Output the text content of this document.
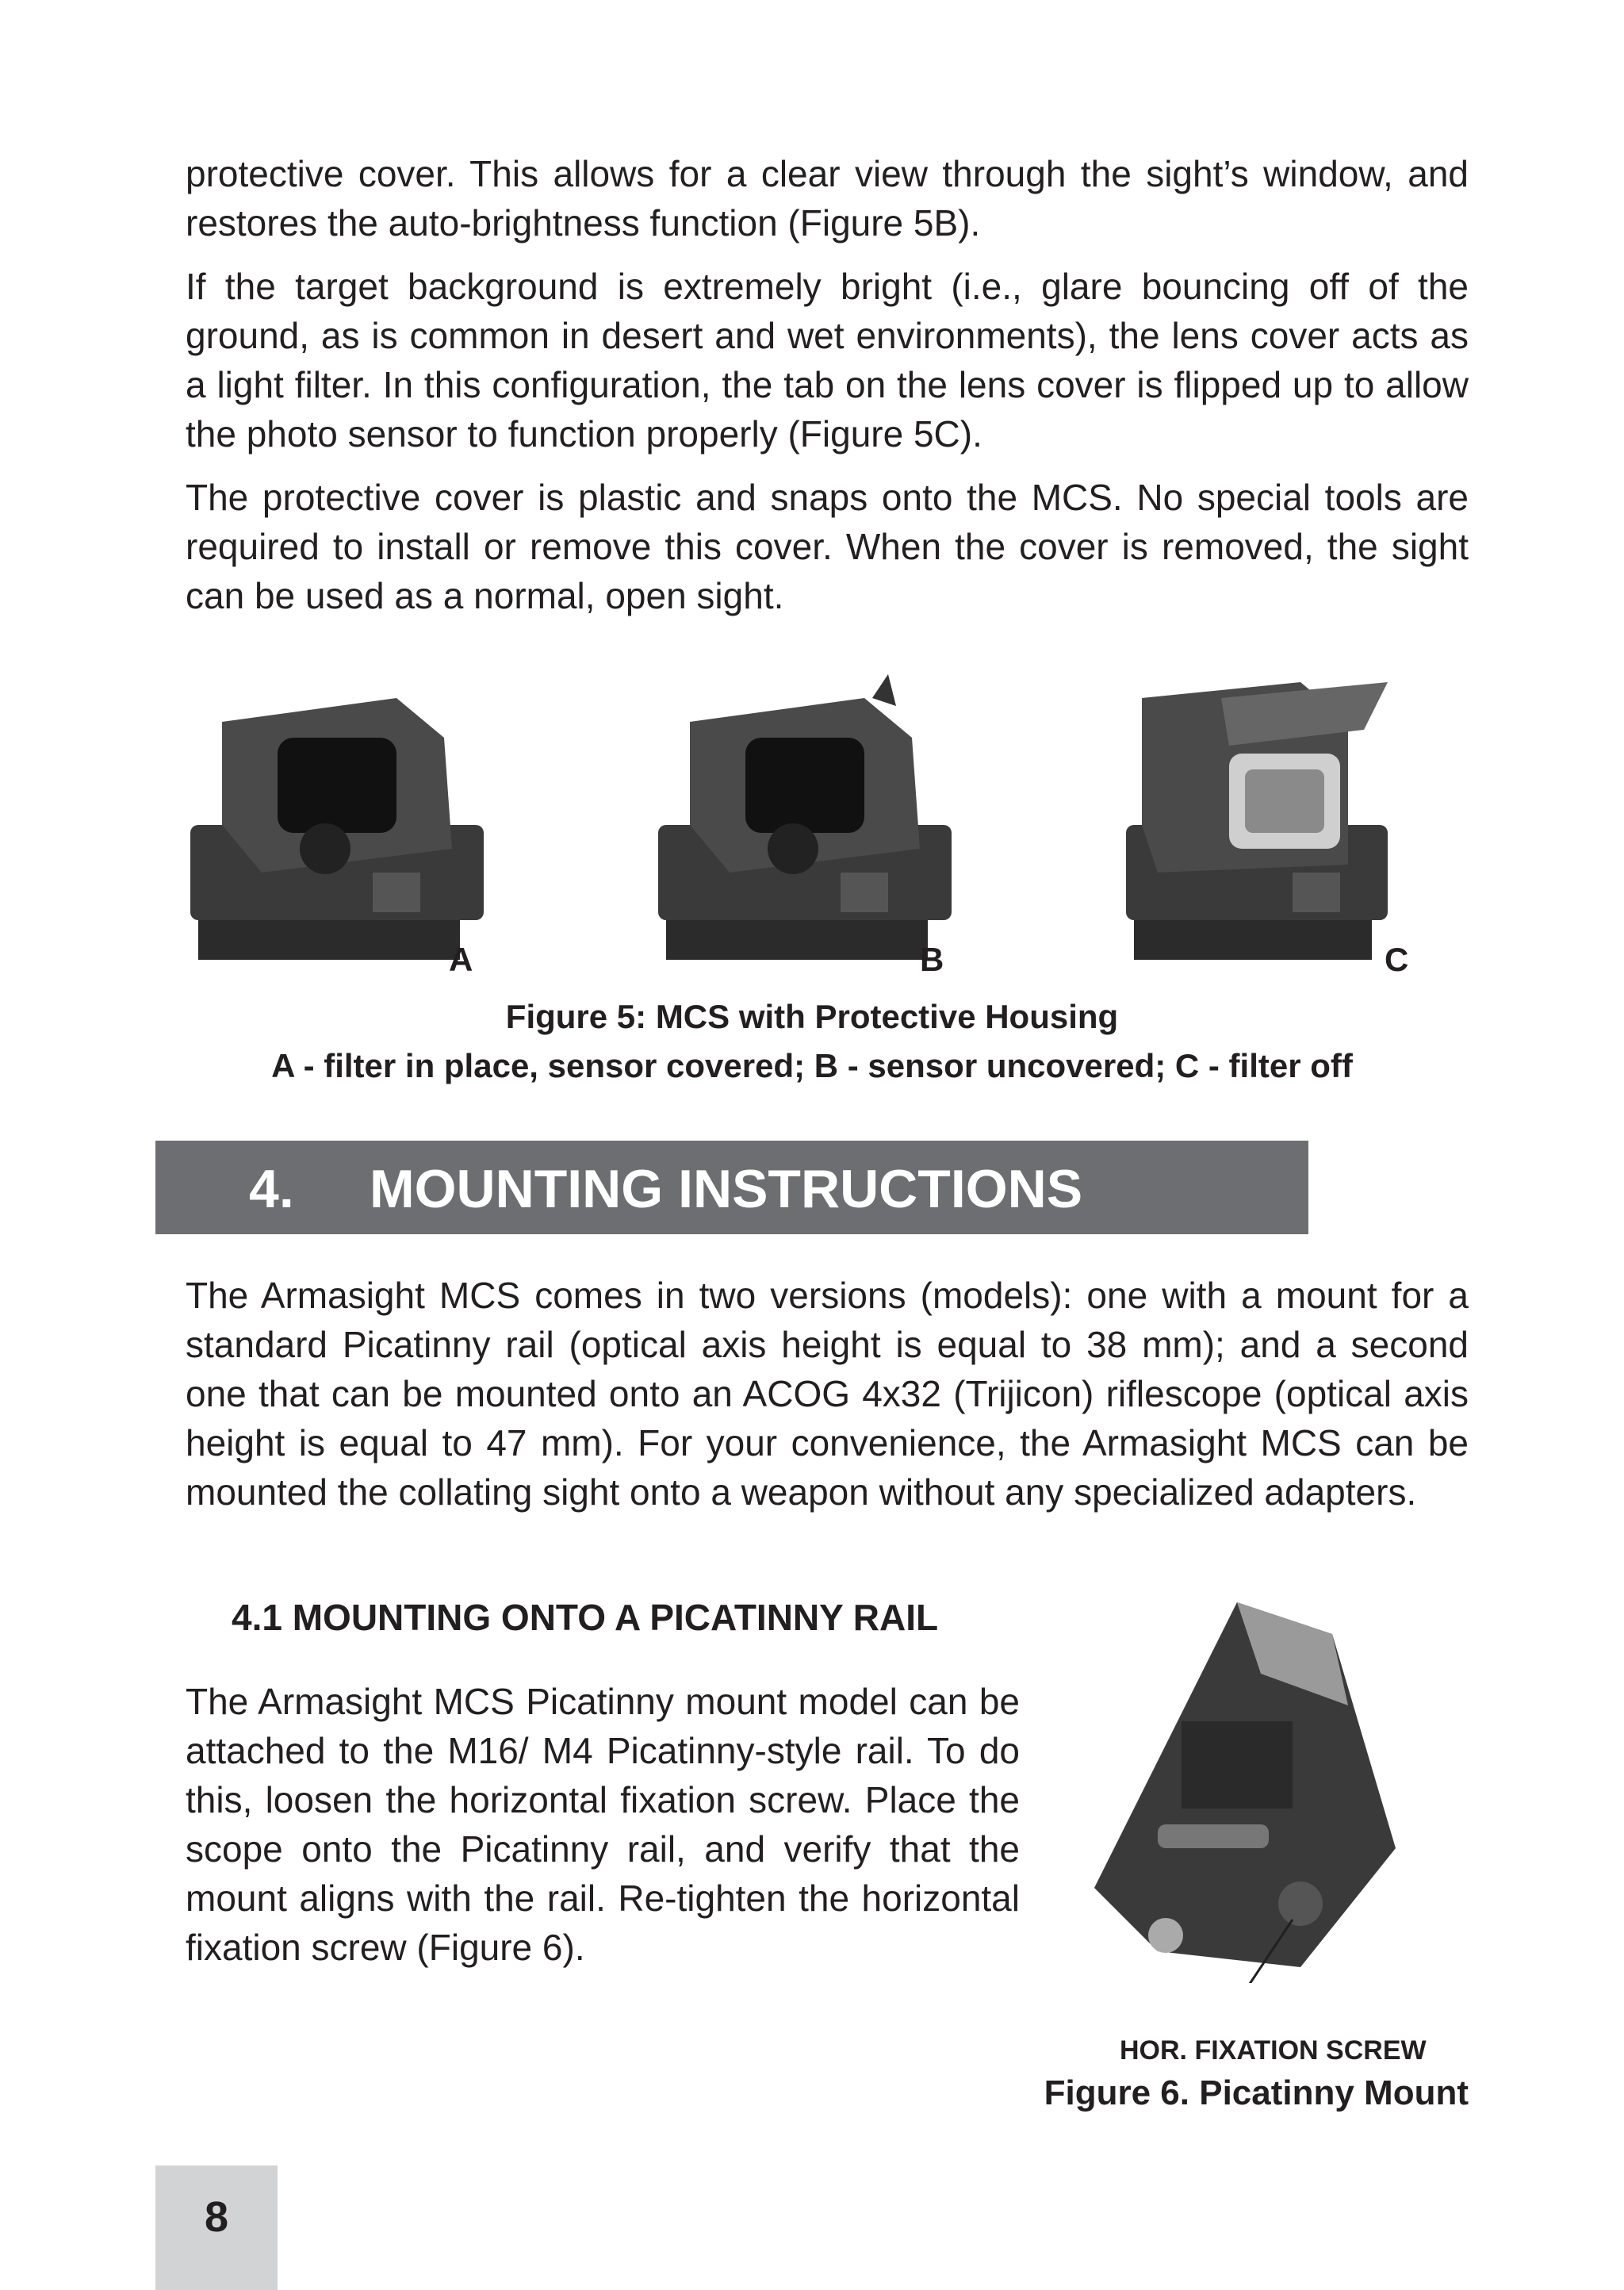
protective cover. This allows for a clear view through the sight’s window, and restores the auto-brightness function (Figure 5B).

If the target background is extremely bright (i.e., glare bouncing off of the ground, as is common in desert and wet environments), the lens cover acts as a light filter. In this configuration, the tab on the lens cover is flipped up to allow the photo sensor to function properly (Figure 5C).

The protective cover is plastic and snaps onto the MCS. No special tools are required to install or remove this cover. When the cover is removed, the sight can be used as a normal, open sight.

A	B	C

Figure 5: MCS with Protective Housing

A - filter in place, sensor covered; B - sensor uncovered; C - filter off

4. MOUNTING INSTRUCTIONS

The Armasight MCS comes in two versions (models): one with a mount for a standard Picatinny rail (optical axis height is equal to 38 mm); and a second one that can be mounted onto an ACOG 4x32 (Trijicon) riflescope (optical axis height is equal to 47 mm). For your convenience, the Armasight MCS can be mounted the collating sight onto a weapon without any specialized adapters.

4.1 MOUNTING ONTO A PICATINNY RAIL

The Armasight MCS Picatinny mount model can be attached to the M16/ M4 Picatinny-style rail. To do this, loosen the horizontal fixation screw. Place the scope onto the Picatinny rail, and verify that the mount aligns with the rail. Re-tighten the horizontal fixation screw (Figure 6).

HOR. FIXATION SCREW
Figure 6. Picatinny Mount
8
